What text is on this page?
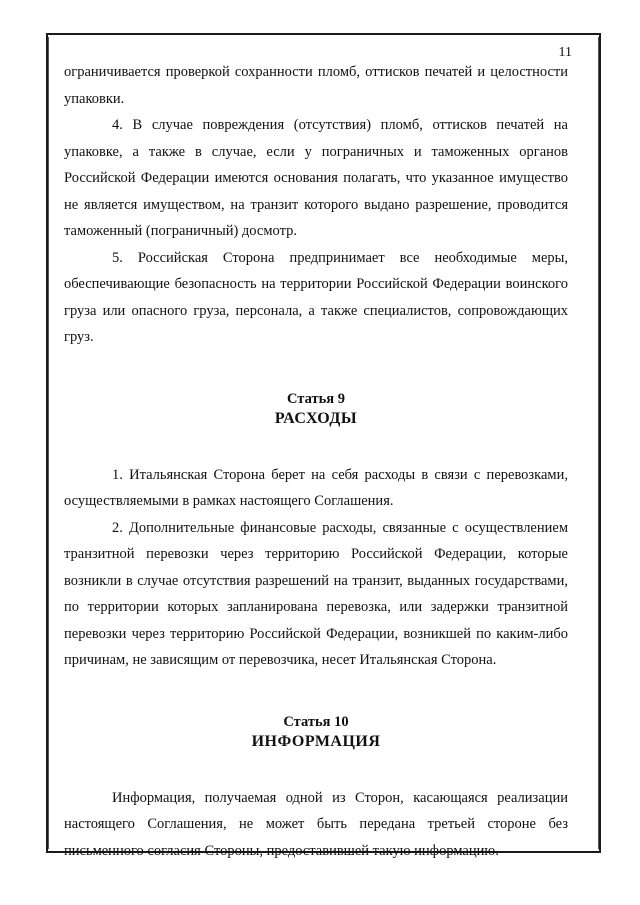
11

ограничивается проверкой сохранности пломб, оттисков печатей и целостности упаковки.

4. В случае повреждения (отсутствия) пломб, оттисков печатей на упаковке, а также в случае, если у пограничных и таможенных органов Российской Федерации имеются основания полагать, что указанное имущество не является имуществом, на транзит которого выдано разрешение, проводится таможенный (пограничный) досмотр.

5. Российская Сторона предпринимает все необходимые меры, обеспечивающие безопасность на территории Российской Федерации воинского груза или опасного груза, персонала, а также специалистов, сопровождающих груз.

Статья 9
РАСХОДЫ

1. Итальянская Сторона берет на себя расходы в связи с перевозками, осуществляемыми в рамках настоящего Соглашения.

2. Дополнительные финансовые расходы, связанные с осуществлением транзитной перевозки через территорию Российской Федерации, которые возникли в случае отсутствия разрешений на транзит, выданных государствами, по территории которых запланирована перевозка, или задержки транзитной перевозки через территорию Российской Федерации, возникшей по каким-либо причинам, не зависящим от перевозчика, несет Итальянская Сторона.

Статья 10
ИНФОРМАЦИЯ

Информация, получаемая одной из Сторон, касающаяся реализации настоящего Соглашения, не может быть передана третьей стороне без письменного согласия Стороны, предоставившей такую информацию.
